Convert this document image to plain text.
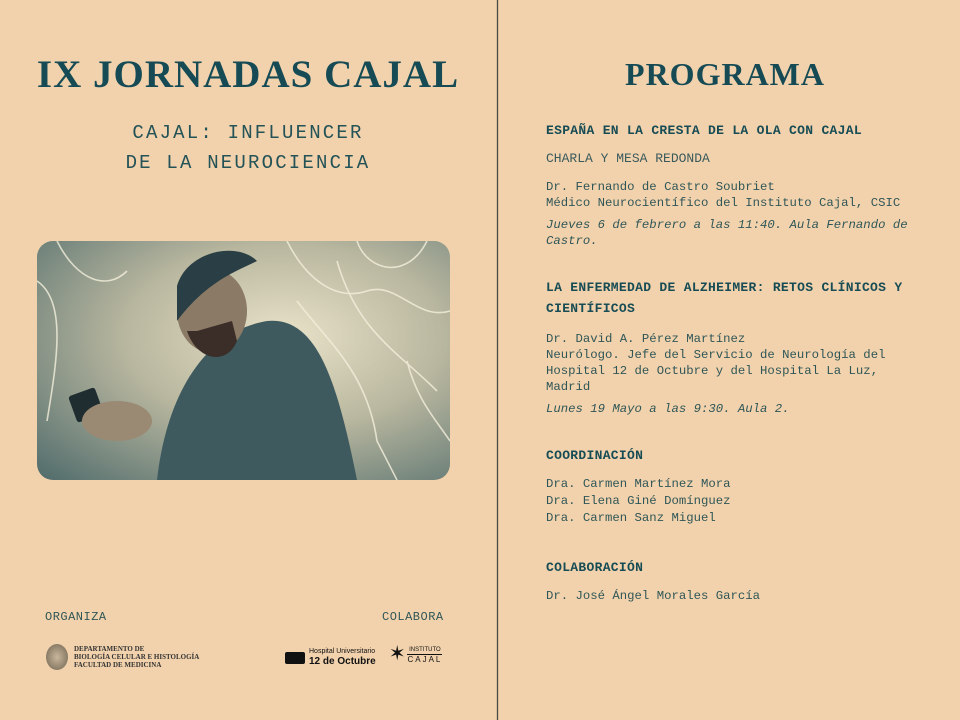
IX JORNADAS CAJAL
CAJAL: INFLUENCER
DE LA NEUROCIENCIA
ORGANIZA	COLABORA
DEPARTAMENTO DE
BIOLOGÍA CELULAR E HISTOLOGÍA
FACULTAD DE MEDICINA
Hospital Universitario
12 de Octubre ✶ INSTITUTO
CAJAL
PROGRAMA
ESPAÑA EN LA CRESTA DE LA OLA CON CAJAL
CHARLA Y MESA REDONDA
Dr. Fernando de Castro Soubriet
Médico Neurocientífico del Instituto Cajal, CSIC
Jueves 6 de febrero a las 11:40. Aula Fernando de Castro.
LA ENFERMEDAD DE ALZHEIMER: RETOS CLÍNICOS Y CIENTÍFICOS
Dr. David A. Pérez Martínez
Neurólogo. Jefe del Servicio de Neurología del Hospital 12 de Octubre y del Hospital La Luz, Madrid
Lunes 19 Mayo a las 9:30. Aula 2.
COORDINACIÓN
Dra. Carmen Martínez Mora
Dra. Elena Giné Domínguez
Dra. Carmen Sanz Miguel
COLABORACIÓN
Dr. José Ángel Morales García
